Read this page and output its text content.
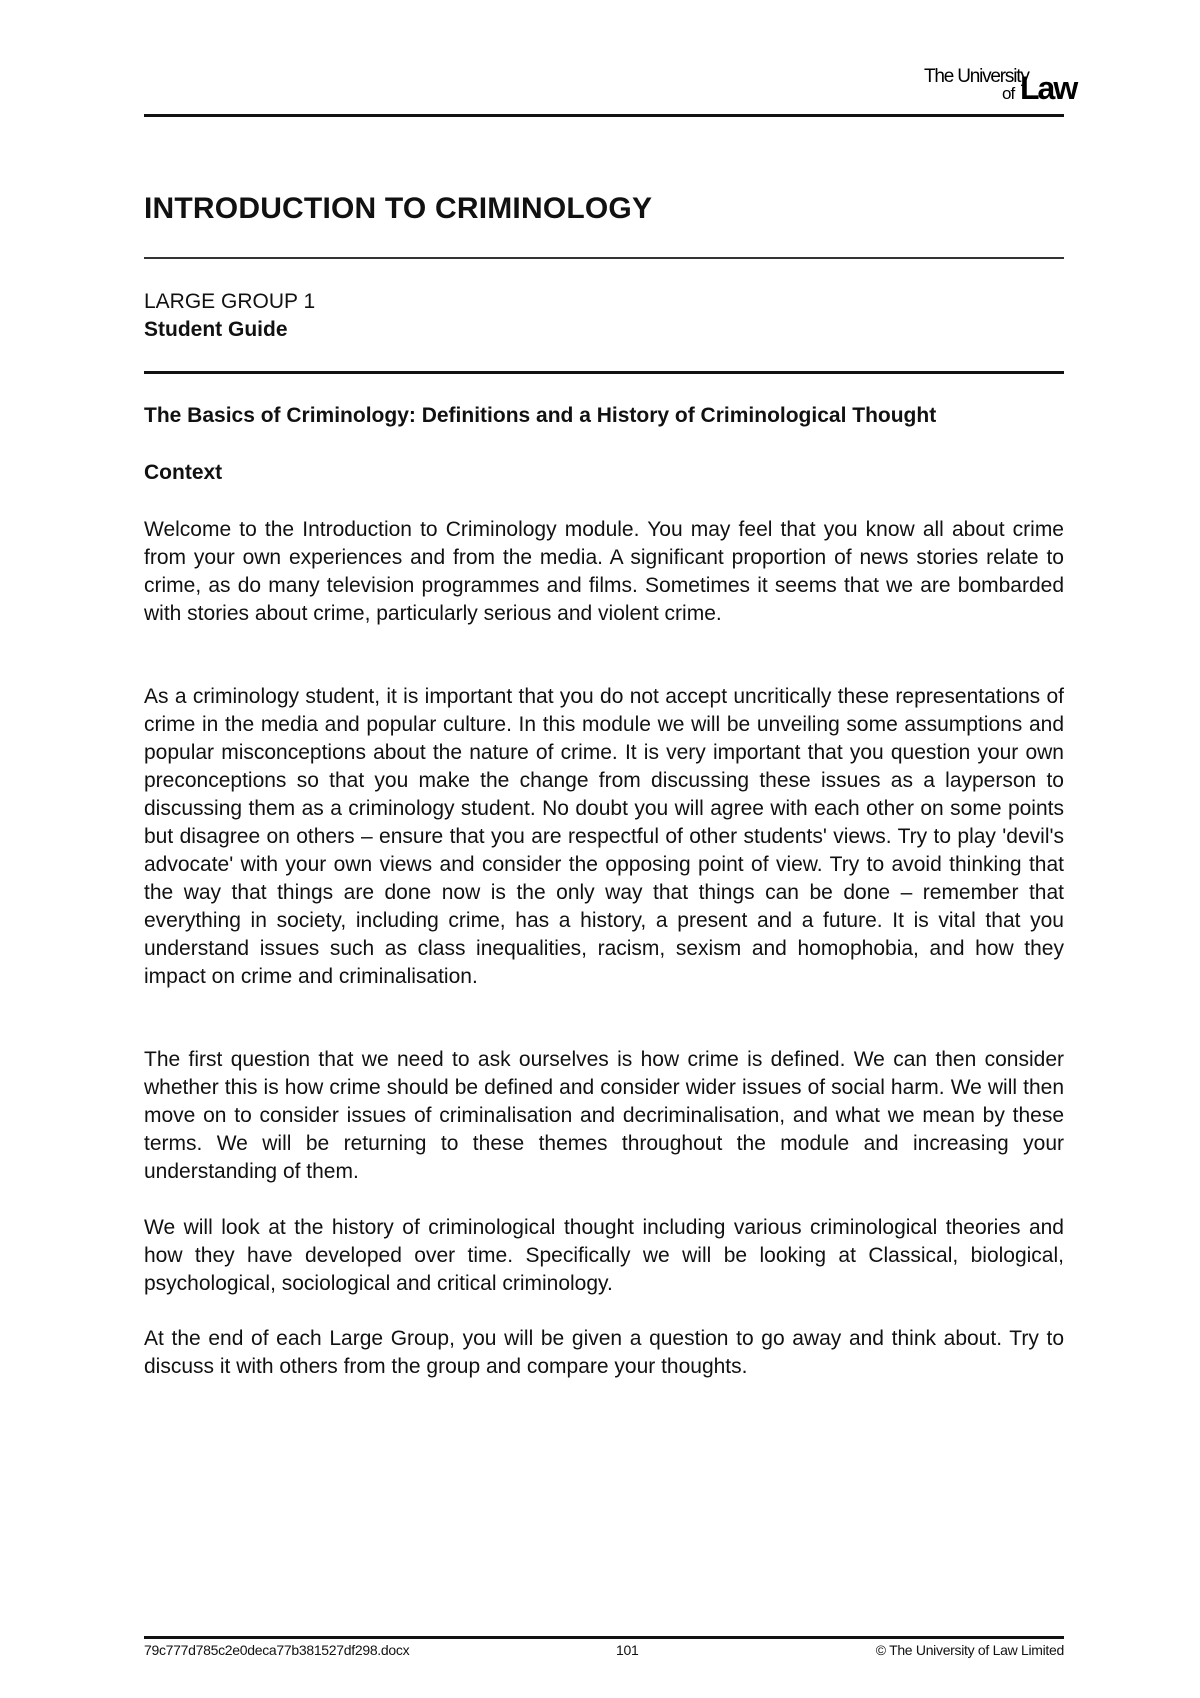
The University
of Law
INTRODUCTION TO CRIMINOLOGY
LARGE GROUP 1
Student Guide
The Basics of Criminology: Definitions and a History of Criminological Thought
Context
Welcome to the Introduction to Criminology module. You may feel that you know all about crime from your own experiences and from the media. A significant proportion of news stories relate to crime, as do many television programmes and films. Sometimes it seems that we are bombarded with stories about crime, particularly serious and violent crime.
As a criminology student, it is important that you do not accept uncritically these representations of crime in the media and popular culture. In this module we will be unveiling some assumptions and popular misconceptions about the nature of crime. It is very important that you question your own preconceptions so that you make the change from discussing these issues as a layperson to discussing them as a criminology student. No doubt you will agree with each other on some points but disagree on others – ensure that you are respectful of other students' views. Try to play 'devil's advocate' with your own views and consider the opposing point of view. Try to avoid thinking that the way that things are done now is the only way that things can be done – remember that everything in society, including crime, has a history, a present and a future. It is vital that you understand issues such as class inequalities, racism, sexism and homophobia, and how they impact on crime and criminalisation.
The first question that we need to ask ourselves is how crime is defined. We can then consider whether this is how crime should be defined and consider wider issues of social harm. We will then move on to consider issues of criminalisation and decriminalisation, and what we mean by these terms. We will be returning to these themes throughout the module and increasing your understanding of them.
We will look at the history of criminological thought including various criminological theories and how they have developed over time. Specifically we will be looking at Classical, biological, psychological, sociological and critical criminology.
At the end of each Large Group, you will be given a question to go away and think about. Try to discuss it with others from the group and compare your thoughts.
79c777d785c2e0deca77b381527df298.docx	101	© The University of Law Limited
